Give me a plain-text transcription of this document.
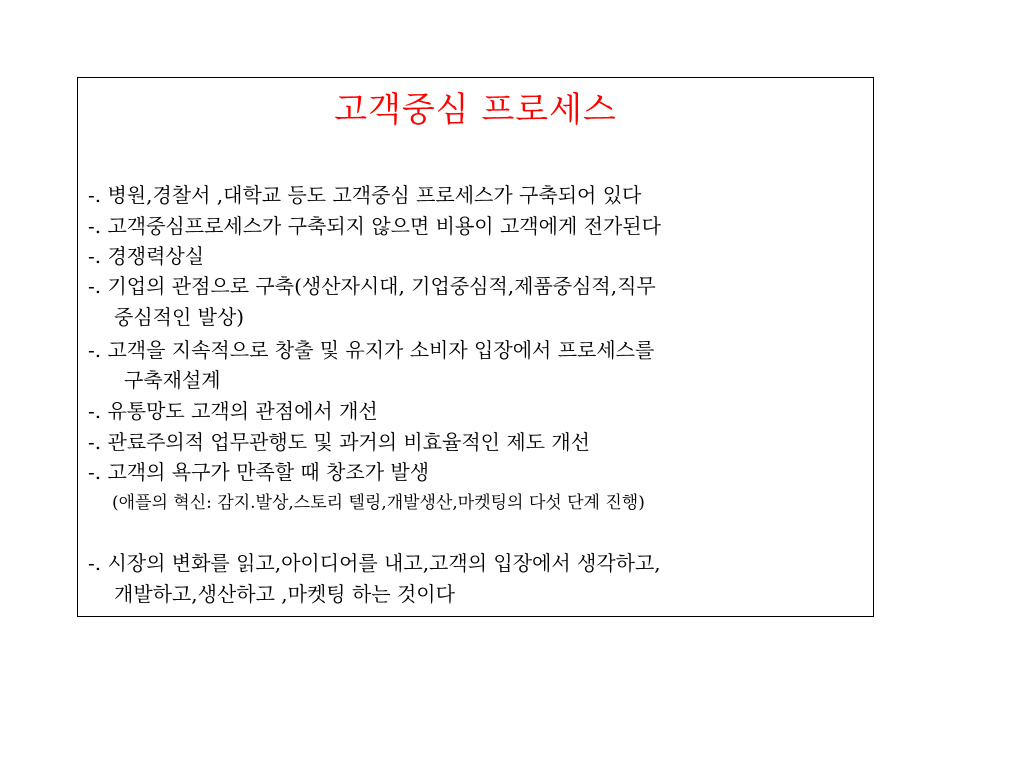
고객중심 프로세스
-. 병원,경찰서 ,대학교 등도 고객중심 프로세스가 구축되어 있다
-. 고객중심프로세스가 구축되지 않으면 비용이 고객에게 전가된다
-. 경쟁력상실
-. 기업의 관점으로 구축(생산자시대, 기업중심적,제품중심적,직무
중심적인 발상)
-. 고객을 지속적으로 창출 및 유지가 소비자 입장에서 프로세스를
구축재설계
-. 유통망도 고객의 관점에서 개선
-. 관료주의적 업무관행도 및 과거의 비효율적인 제도 개선
-. 고객의 욕구가 만족할 때 창조가 발생
(애플의 혁신: 감지.발상,스토리 텔링,개발생산,마켓팅의 다섯 단계 진행)
-. 시장의 변화를 읽고,아이디어를 내고,고객의 입장에서 생각하고,
개발하고,생산하고 ,마켓팅 하는 것이다
